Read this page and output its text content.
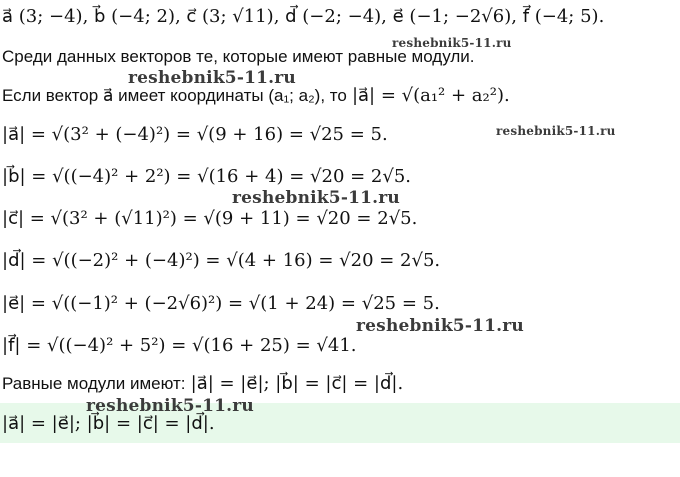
a⃗ (3; −4), b⃗ (−4; 2), c⃗ (3; √11), d⃗ (−2; −4), e⃗ (−1; −2√6), f⃗ (−4; 5).
Среди данных векторов те, которые имеют равные модули.
Если вектор a⃗ имеет координаты (a₁; a₂), то |a⃗| = √(a₁² + a₂²).
|a⃗| = √(3² + (−4)²) = √(9 + 16) = √25 = 5.
|b⃗| = √((−4)² + 2²) = √(16 + 4) = √20 = 2√5.
|c⃗| = √(3² + (√11)²) = √(9 + 11) = √20 = 2√5.
|d⃗| = √((−2)² + (−4)²) = √(4 + 16) = √20 = 2√5.
|e⃗| = √((−1)² + (−2√6)²) = √(1 + 24) = √25 = 5.
|f⃗| = √((−4)² + 5²) = √(16 + 25) = √41.
Равные модули имеют: |a⃗| = |e⃗|; |b⃗| = |c⃗| = |d⃗|.
|a⃗| = |e⃗|; |b⃗| = |c⃗| = |d⃗|.
reshebnik5-11.ru
reshebnik5-11.ru
reshebnik5-11.ru
reshebnik5-11.ru
reshebnik5-11.ru
reshebnik5-11.ru
